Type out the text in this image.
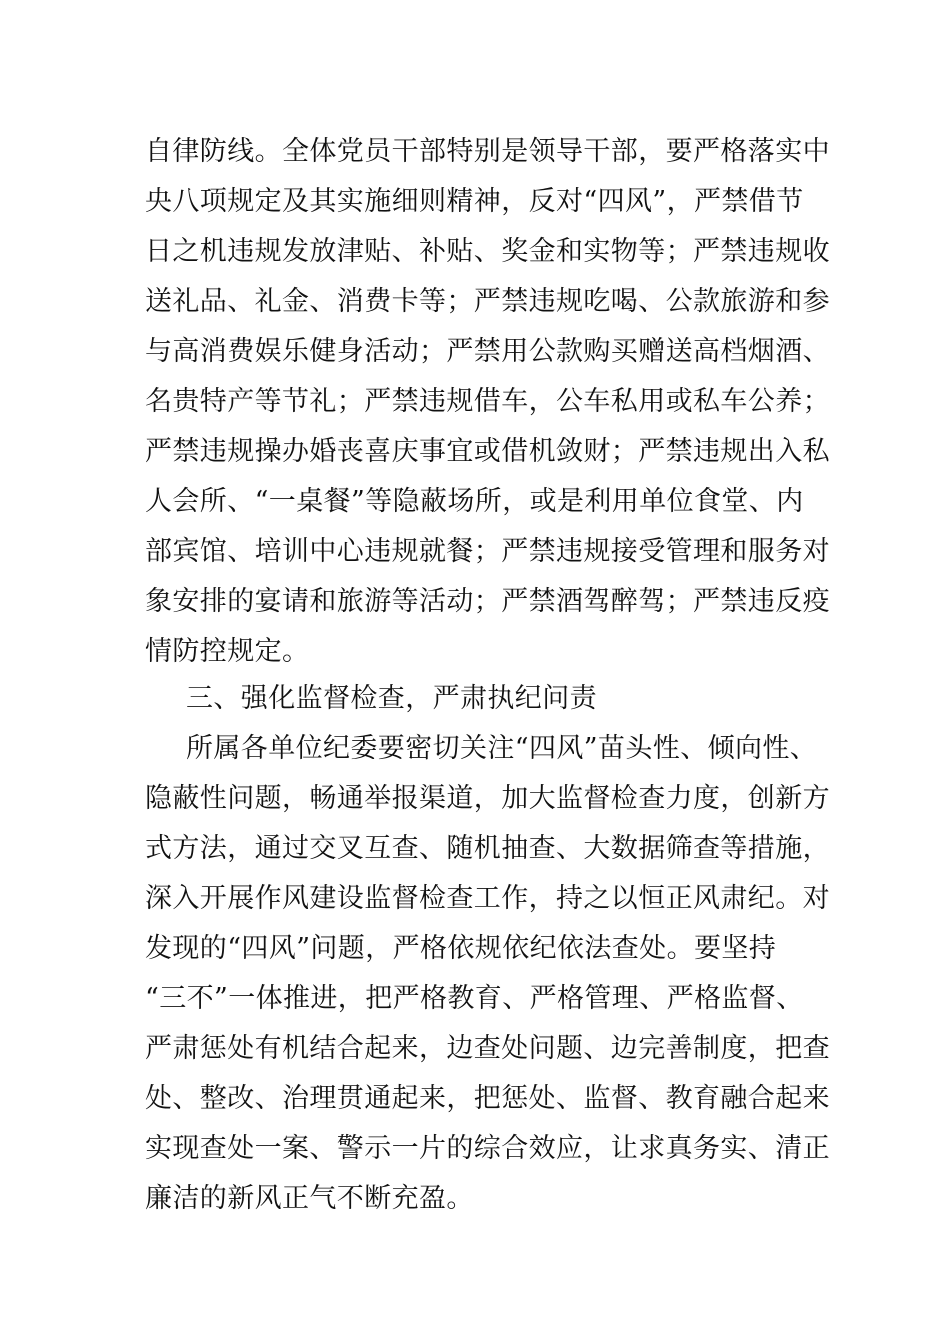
自律防线。全体党员干部特别是领导干部，要严格落实中
央八项规定及其实施细则精神，反对“四风”，严禁借节
日之机违规发放津贴、补贴、奖金和实物等；严禁违规收
送礼品、礼金、消费卡等；严禁违规吃喝、公款旅游和参
与高消费娱乐健身活动；严禁用公款购买赠送高档烟酒、
名贵特产等节礼；严禁违规借车，公车私用或私车公养；
严禁违规操办婚丧喜庆事宜或借机敛财；严禁违规出入私
人会所、“一桌餐”等隐蔽场所，或是利用单位食堂、内
部宾馆、培训中心违规就餐；严禁违规接受管理和服务对
象安排的宴请和旅游等活动；严禁酒驾醉驾；严禁违反疫
情防控规定。
三、强化监督检查，严肃执纪问责
所属各单位纪委要密切关注“四风”苗头性、倾向性、
隐蔽性问题，畅通举报渠道，加大监督检查力度，创新方
式方法，通过交叉互查、随机抽查、大数据筛查等措施，
深入开展作风建设监督检查工作，持之以恒正风肃纪。对
发现的“四风”问题，严格依规依纪依法查处。要坚持
“三不”一体推进，把严格教育、严格管理、严格监督、
严肃惩处有机结合起来，边查处问题、边完善制度，把查
处、整改、治理贯通起来，把惩处、监督、教育融合起来
实现查处一案、警示一片的综合效应，让求真务实、清正
廉洁的新风正气不断充盈。
